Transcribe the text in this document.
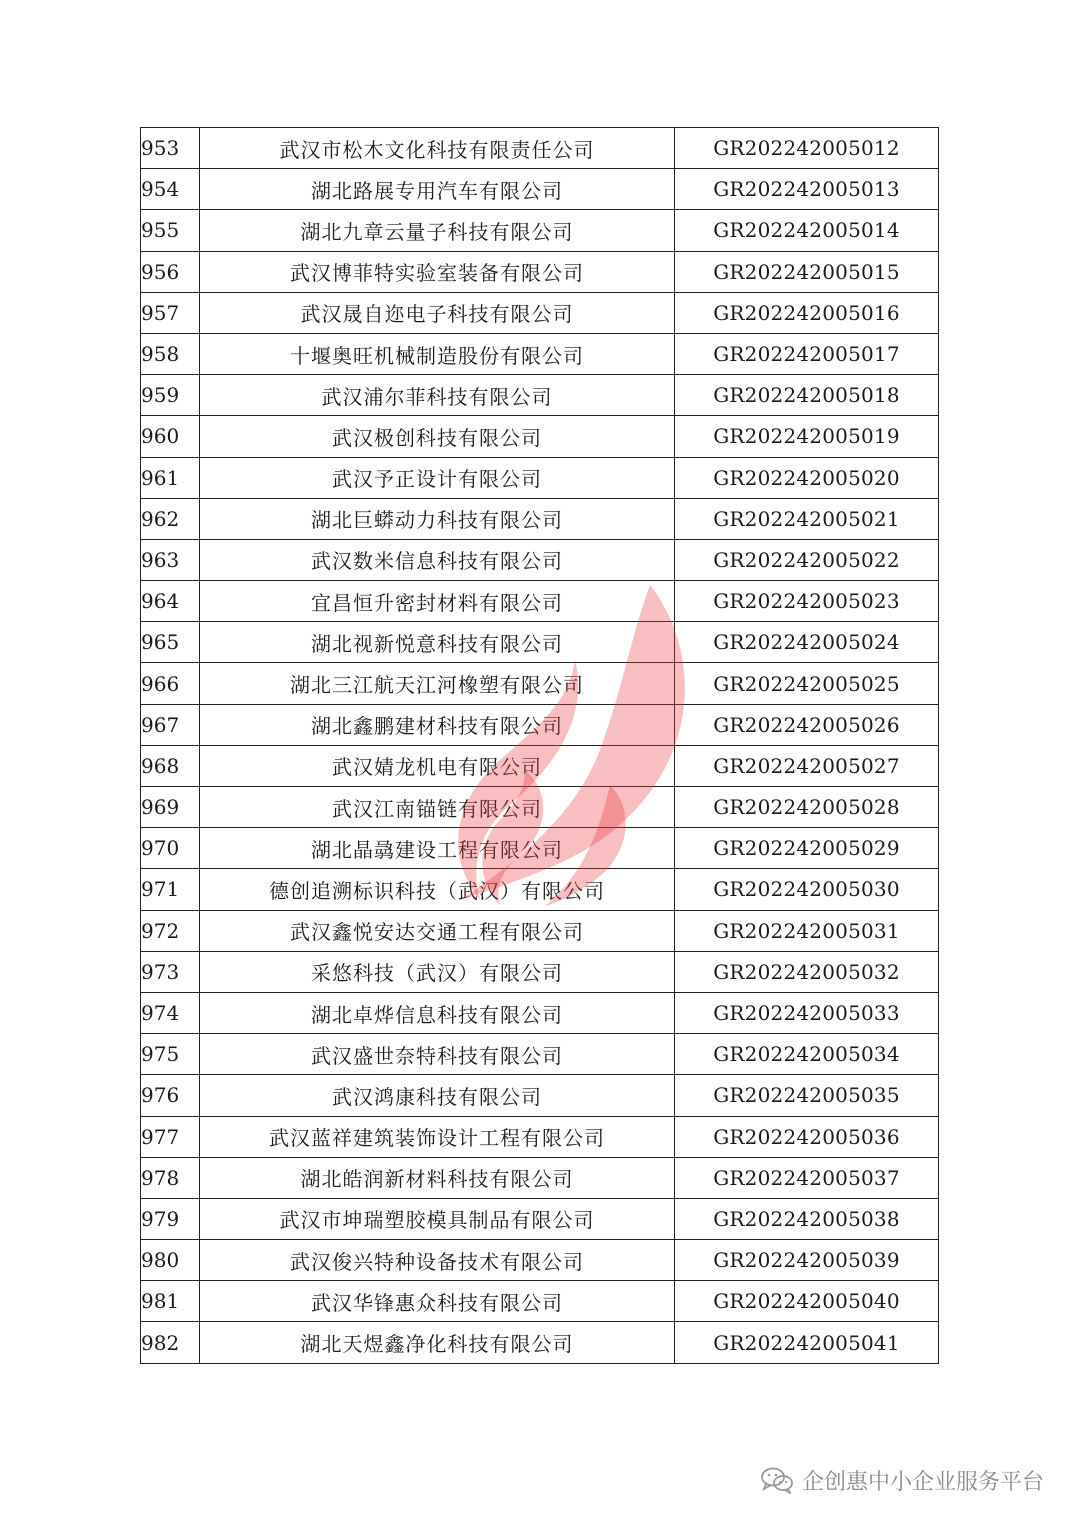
953	武汉市松木文化科技有限责任公司	GR202242005012
954	湖北路展专用汽车有限公司	GR202242005013
955	湖北九章云量子科技有限公司	GR202242005014
956	武汉博菲特实验室装备有限公司	GR202242005015
957	武汉晟自迩电子科技有限公司	GR202242005016
958	十堰奥旺机械制造股份有限公司	GR202242005017
959	武汉浦尔菲科技有限公司	GR202242005018
960	武汉极创科技有限公司	GR202242005019
961	武汉予正设计有限公司	GR202242005020
962	湖北巨蟒动力科技有限公司	GR202242005021
963	武汉数米信息科技有限公司	GR202242005022
964	宜昌恒升密封材料有限公司	GR202242005023
965	湖北视新悦意科技有限公司	GR202242005024
966	湖北三江航天江河橡塑有限公司	GR202242005025
967	湖北鑫鹏建材科技有限公司	GR202242005026
968	武汉婧龙机电有限公司	GR202242005027
969	武汉江南锚链有限公司	GR202242005028
970	湖北晶骉建设工程有限公司	GR202242005029
971	德创追溯标识科技（武汉）有限公司	GR202242005030
972	武汉鑫悦安达交通工程有限公司	GR202242005031
973	采悠科技（武汉）有限公司	GR202242005032
974	湖北卓烨信息科技有限公司	GR202242005033
975	武汉盛世奈特科技有限公司	GR202242005034
976	武汉鸿康科技有限公司	GR202242005035
977	武汉蓝祥建筑装饰设计工程有限公司	GR202242005036
978	湖北皓润新材料科技有限公司	GR202242005037
979	武汉市坤瑞塑胶模具制品有限公司	GR202242005038
980	武汉俊兴特种设备技术有限公司	GR202242005039
981	武汉华锋惠众科技有限公司	GR202242005040
982	湖北天煜鑫净化科技有限公司	GR202242005041
企创惠中小企业服务平台
